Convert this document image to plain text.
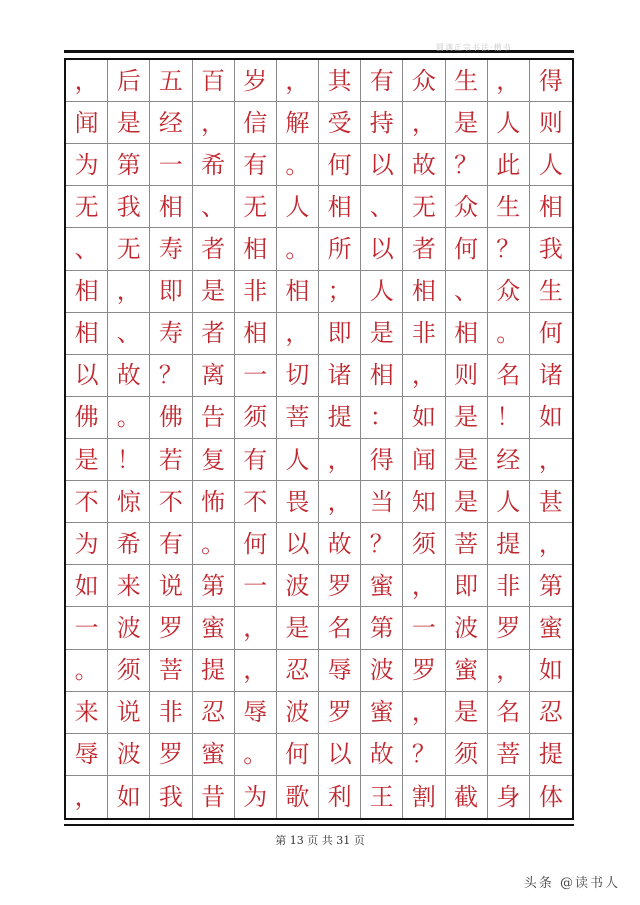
圆满正宗书法·楷书
， 后 五 百 岁 ， 其 有 众 生 ， 得
闻 是 经 ， 信 解 受 持 ， 是 人 则
为 第 一 希 有 。 何 以 故 ？ 此 人
无 我 相 、 无 人 相 、 无 众 生 相
、 无 寿 者 相 。 所 以 者 何 ？ 我
相 ， 即 是 非 相 ； 人 相 、 众 生
相 、 寿 者 相 ， 即 是 非 相 。 何
以 故 ？ 离 一 切 诸 相 ， 则 名 诸
佛 。 佛 告 须 菩 提 ： 如 是 ！ 如
是 ！ 若 复 有 人 ， 得 闻 是 经 ，
不 惊 不 怖 不 畏 ， 当 知 是 人 甚
为 希 有 。 何 以 故 ？ 须 菩 提 ，
如 来 说 第 一 波 罗 蜜 ， 即 非 第
一 波 罗 蜜 ， 是 名 第 一 波 罗 蜜
。 须 菩 提 ， 忍 辱 波 罗 蜜 ， 如
来 说 非 忍 辱 波 罗 蜜 ， 是 名 忍
辱 波 罗 蜜 。 何 以 故 ？ 须 菩 提
， 如 我 昔 为 歌 利 王 割 截 身 体
第 13 页 共 31 页
头条 @读书人
